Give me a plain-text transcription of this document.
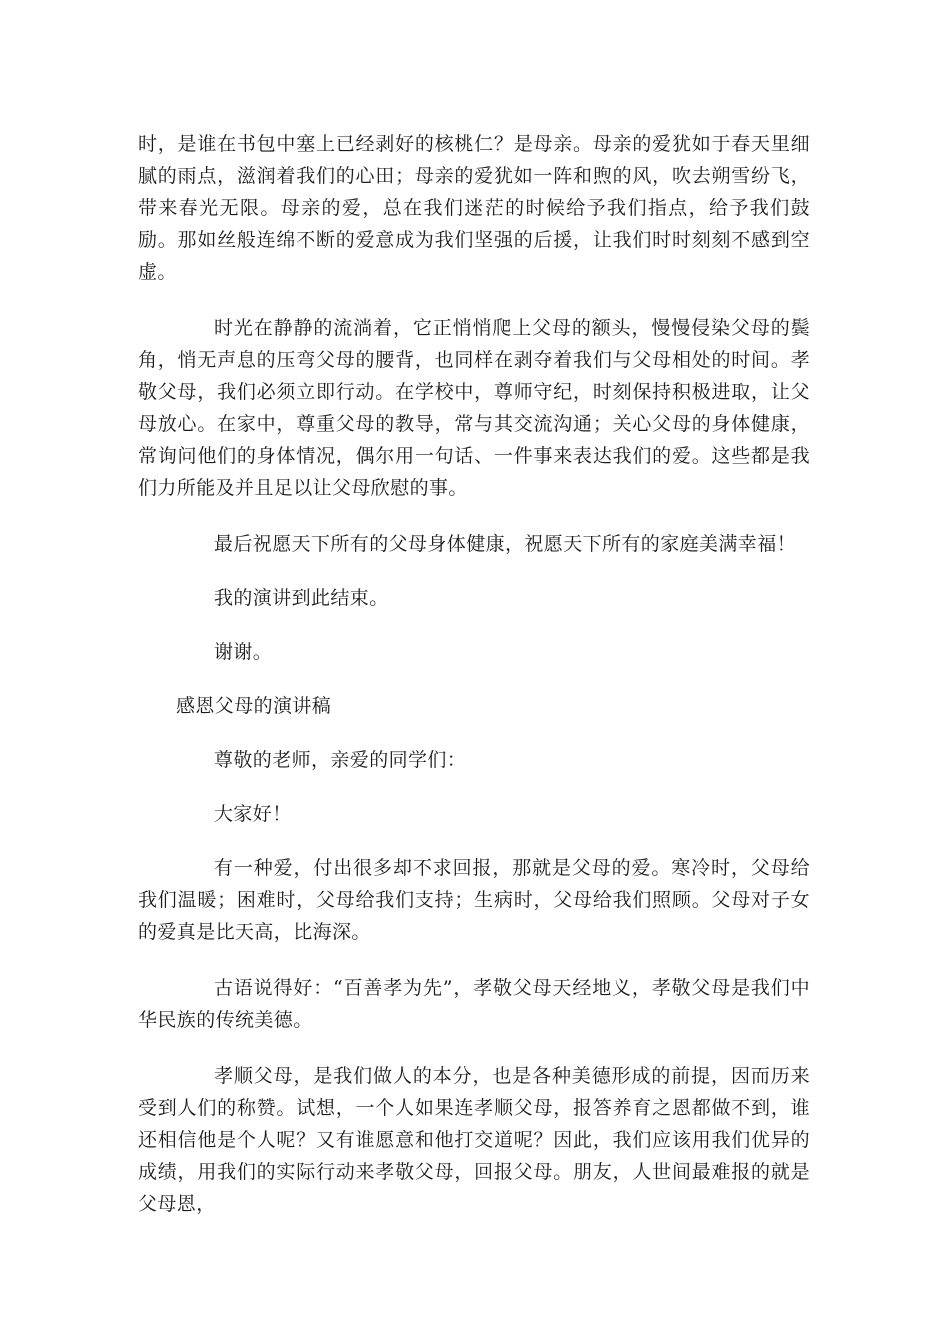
时，是谁在书包中塞上已经剥好的核桃仁？是母亲。母亲的爱犹如于春天里细腻的雨点，滋润着我们的心田；母亲的爱犹如一阵和煦的风，吹去朔雪纷飞，带来春光无限。母亲的爱，总在我们迷茫的时候给予我们指点，给予我们鼓励。那如丝般连绵不断的爱意成为我们坚强的后援，让我们时时刻刻不感到空虚。

时光在静静的流淌着，它正悄悄爬上父母的额头，慢慢侵染父母的鬓角，悄无声息的压弯父母的腰背，也同样在剥夺着我们与父母相处的时间。孝敬父母，我们必须立即行动。在学校中，尊师守纪，时刻保持积极进取，让父母放心。在家中，尊重父母的教导，常与其交流沟通；关心父母的身体健康，常询问他们的身体情况，偶尔用一句话、一件事来表达我们的爱。这些都是我们力所能及并且足以让父母欣慰的事。

最后祝愿天下所有的父母身体健康，祝愿天下所有的家庭美满幸福！

我的演讲到此结束。

谢谢。

感恩父母的演讲稿

尊敬的老师，亲爱的同学们：

大家好！

有一种爱，付出很多却不求回报，那就是父母的爱。寒冷时，父母给我们温暖；困难时，父母给我们支持；生病时，父母给我们照顾。父母对子女的爱真是比天高，比海深。

古语说得好：“百善孝为先”，孝敬父母天经地义，孝敬父母是我们中华民族的传统美德。

孝顺父母，是我们做人的本分，也是各种美德形成的前提，因而历来受到人们的称赞。试想，一个人如果连孝顺父母，报答养育之恩都做不到，谁还相信他是个人呢？又有谁愿意和他打交道呢？因此，我们应该用我们优异的成绩，用我们的实际行动来孝敬父母，回报父母。朋友，人世间最难报的就是父母恩，
